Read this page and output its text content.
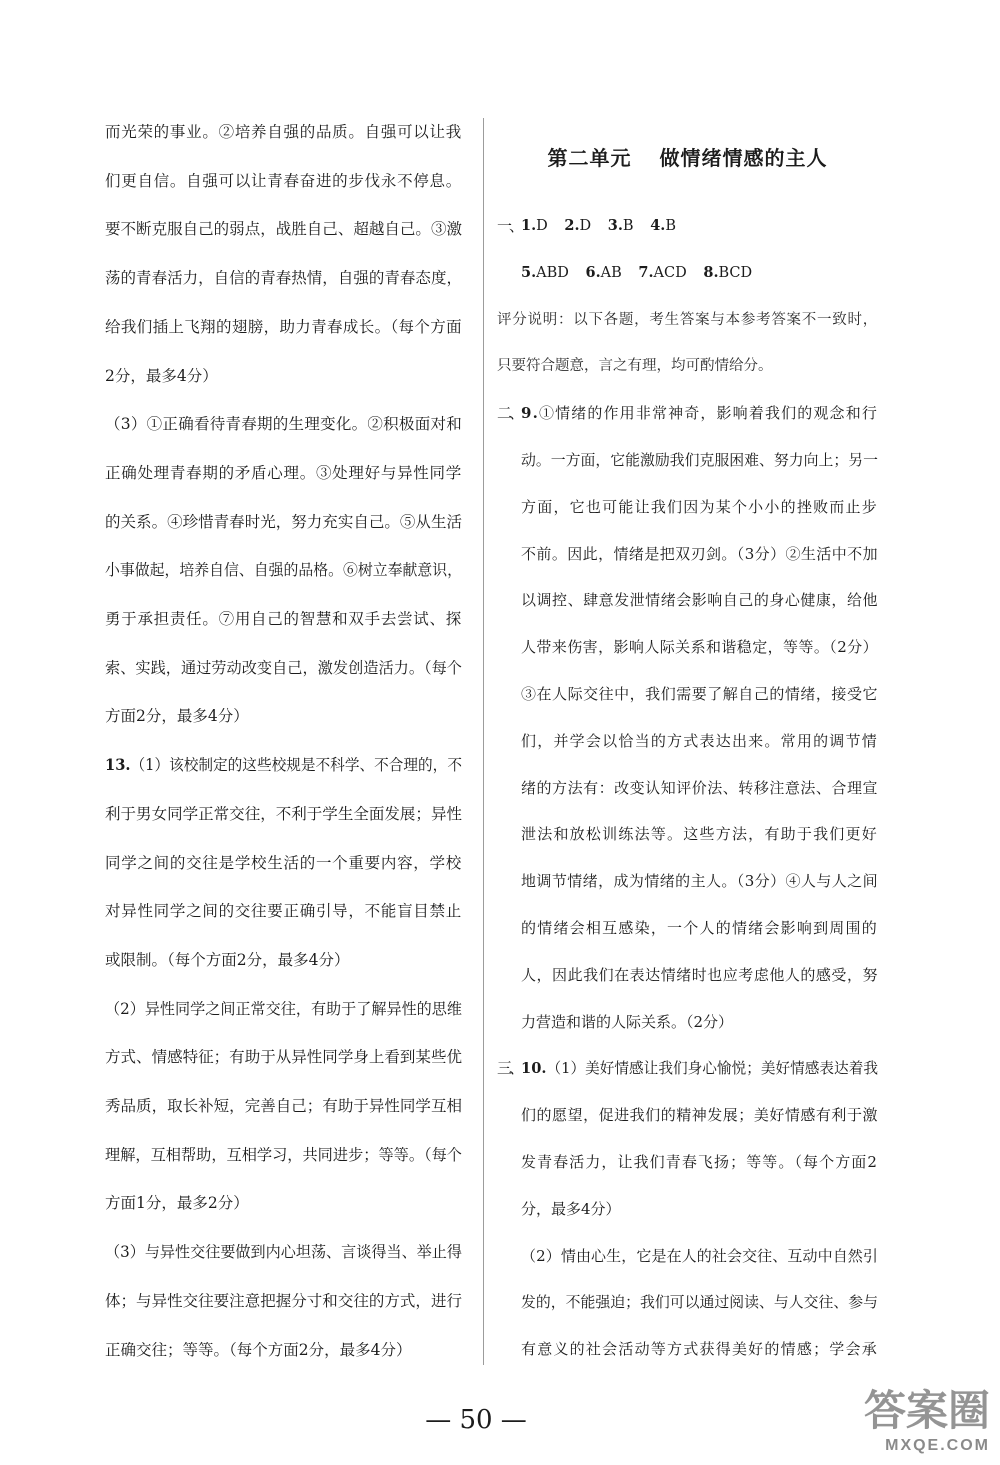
而光荣的事业。②培养自强的品质。自强可以让我
们更自信。自强可以让青春奋进的步伐永不停息。
要不断克服自己的弱点，战胜自己、超越自己。③激
荡的青春活力，自信的青春热情，自强的青春态度，
给我们插上飞翔的翅膀，助力青春成长。（每个方面
2分，最多4分）
（3）①正确看待青春期的生理变化。②积极面对和
正确处理青春期的矛盾心理。③处理好与异性同学
的关系。④珍惜青春时光，努力充实自己。⑤从生活
小事做起，培养自信、自强的品格。⑥树立奉献意识，
勇于承担责任。⑦用自己的智慧和双手去尝试、探
索、实践，通过劳动改变自己，激发创造活力。（每个
方面2分，最多4分）
13.（1）该校制定的这些校规是不科学、不合理的，不
利于男女同学正常交往，不利于学生全面发展；异性
同学之间的交往是学校生活的一个重要内容，学校
对异性同学之间的交往要正确引导，不能盲目禁止
或限制。（每个方面2分，最多4分）
（2）异性同学之间正常交往，有助于了解异性的思维
方式、情感特征；有助于从异性同学身上看到某些优
秀品质，取长补短，完善自己；有助于异性同学互相
理解，互相帮助，互相学习，共同进步；等等。（每个
方面1分，最多2分）
（3）与异性交往要做到内心坦荡、言谈得当、举止得
体；与异性交往要注意把握分寸和交往的方式，进行
正确交往；等等。（每个方面2分，最多4分）
第二单元 做情绪情感的主人
一、 1.D 2.D 3.B 4.B
5.ABD 6.AB 7.ACD 8.BCD
评分说明：以下各题，考生答案与本参考答案不一致时，
只要符合题意，言之有理，均可酌情给分。
二、 9.①情绪的作用非常神奇，影响着我们的观念和行
动。一方面，它能激励我们克服困难、努力向上；另一
方面，它也可能让我们因为某个小小的挫败而止步
不前。因此，情绪是把双刃剑。（3分）②生活中不加
以调控、肆意发泄情绪会影响自己的身心健康，给他
人带来伤害，影响人际关系和谐稳定，等等。（2分）
③在人际交往中，我们需要了解自己的情绪，接受它
们，并学会以恰当的方式表达出来。常用的调节情
绪的方法有：改变认知评价法、转移注意法、合理宣
泄法和放松训练法等。这些方法，有助于我们更好
地调节情绪，成为情绪的主人。（3分）④人与人之间
的情绪会相互感染，一个人的情绪会影响到周围的
人，因此我们在表达情绪时也应考虑他人的感受，努
力营造和谐的人际关系。（2分）
三、 10.（1）美好情感让我们身心愉悦；美好情感表达着我
们的愿望，促进我们的精神发展；美好情感有利于激
发青春活力，让我们青春飞扬；等等。（每个方面2
分，最多4分）
（2）情由心生，它是在人的社会交往、互动中自然引
发的，不能强迫；我们可以通过阅读、与人交往、参与
有意义的社会活动等方式获得美好的情感；学会承
— 50 —	答案圈
MXQE.COM
